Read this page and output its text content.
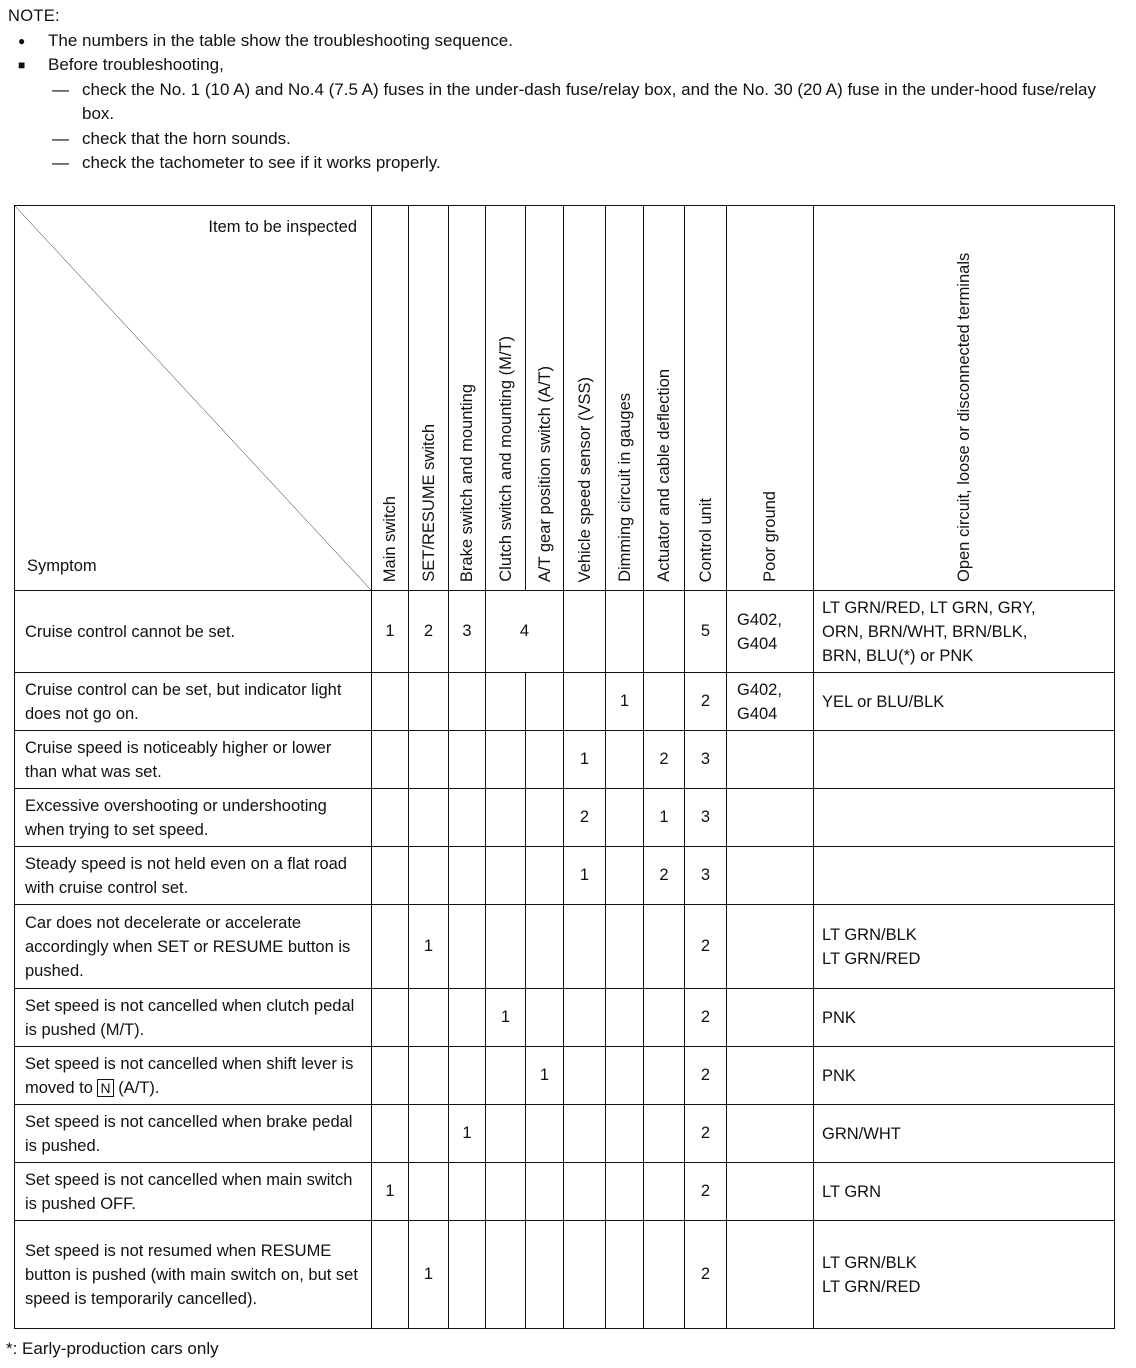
NOTE:
● The numbers in the table show the troubleshooting sequence.
■ Before troubleshooting,
— check the No. 1 (10 A) and No.4 (7.5 A) fuses in the under-dash fuse/relay box, and the No. 30 (20 A) fuse in the under-hood fuse/relay box.
— check that the horn sounds.
— check the tachometer to see if it works properly.
Item to be inspected
Symptom	Main switch	SET/RESUME switch	Brake switch and mounting	Clutch switch and mounting (M/T)	A/T gear position switch (A/T)	Vehicle speed sensor (VSS)	Dimming circuit in gauges	Actuator and cable deflection	Control unit	Poor ground	Open circuit, loose or disconnected terminals

Cruise control cannot be set.	1	2	3	4					5	G402,
G404	LT GRN/RED, LT GRN, GRY,
ORN, BRN/WHT, BRN/BLK,
BRN, BLU(*) or PNK
Cruise control can be set, but indicator light does not go on.							1		2	G402,
G404	YEL or BLU/BLK
Cruise speed is noticeably higher or lower than what was set.						1		2	3		
Excessive overshooting or undershooting when trying to set speed.						2		1	3		
Steady speed is not held even on a flat road with cruise control set.						1		2	3		
Car does not decelerate or accelerate accordingly when SET or RESUME button is pushed.		1							2		LT GRN/BLK
LT GRN/RED
Set speed is not cancelled when clutch pedal is pushed (M/T).				1					2		PNK
Set speed is not cancelled when shift lever is moved to N (A/T).					1				2		PNK
Set speed is not cancelled when brake pedal is pushed.			1						2		GRN/WHT
Set speed is not cancelled when main switch is pushed OFF.	1								2		LT GRN
Set speed is not resumed when RESUME button is pushed (with main switch on, but set speed is temporarily cancelled).		1							2		LT GRN/BLK
LT GRN/RED
*: Early-production cars only
